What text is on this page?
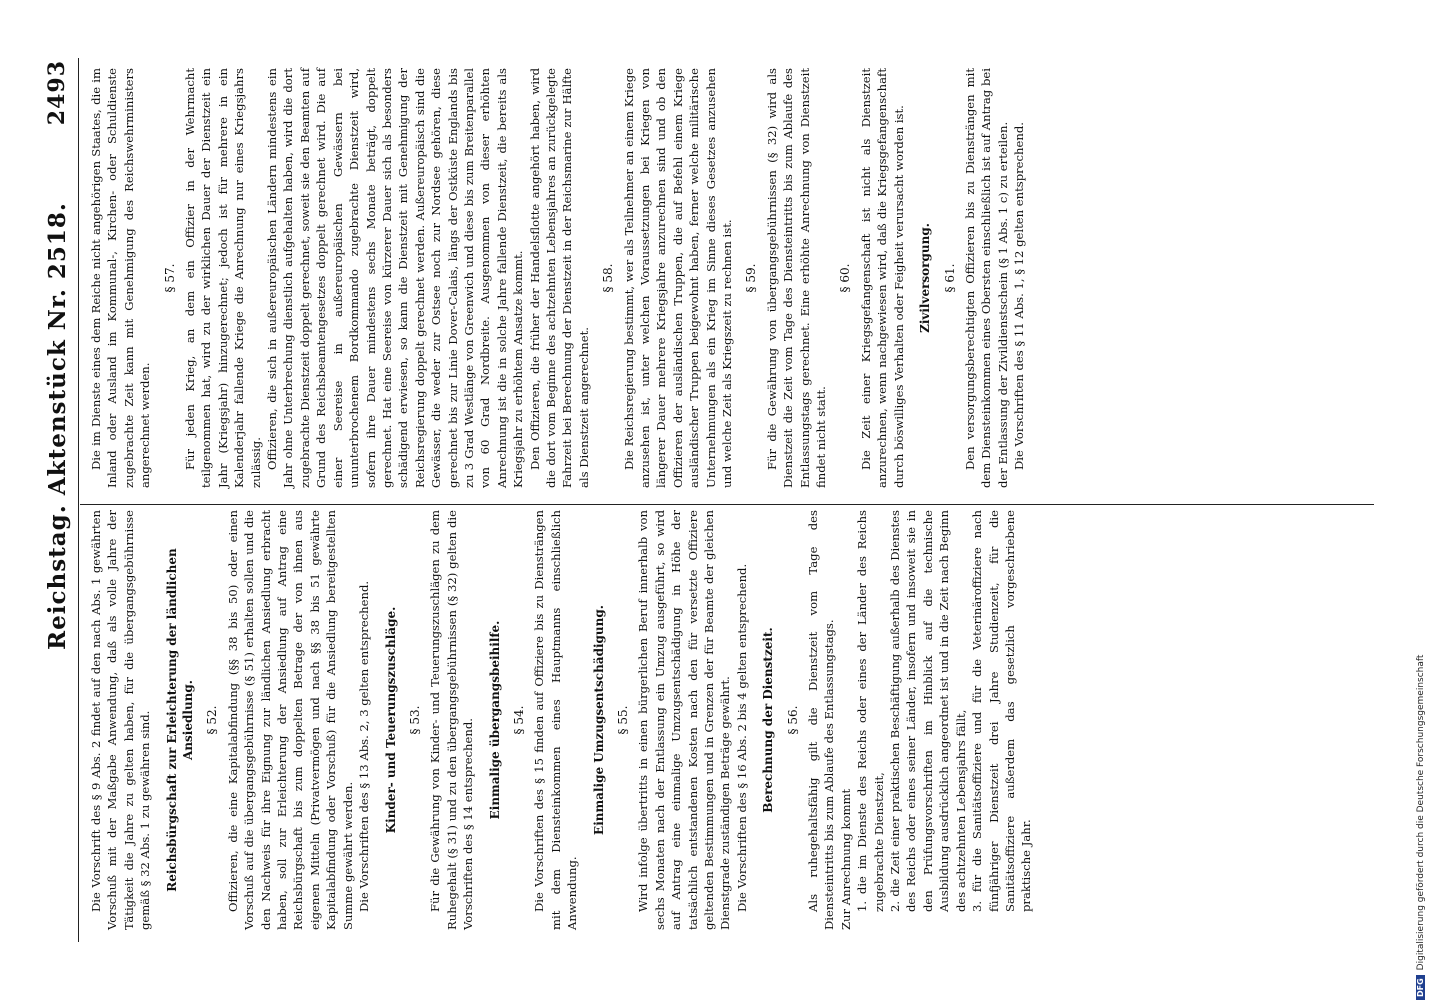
Reichstag. Aktenstück Nr. 2518.
2493
Die Vorschrift des § 9 Abs. 2 findet auf den nach Abs. 1 gewährten Vorschuß mit der Maßgabe Anwendung, daß als volle Jahre der Tätigkeit die Jahre zu gelten haben, für die übergangsgebührnisse gemäß § 32 Abs. 1 zu gewähren sind. Reichsbürgschaft zur Erleichterung der ländlichen Ansiedlung. § 52. Offizieren, die eine Kapitalabfindung (§§ 38 bis 50) oder einen Vorschuß auf die übergangsgebührnisse (§ 51) erhalten sollen und die den Nachweis für ihre Eignung zur ländlichen Ansiedlung erbracht haben, soll zur Erleichterung der Ansiedlung auf Antrag eine Reichsbürgschaft bis zum doppelten Betrage der von ihnen aus eigenen Mitteln (Privatvermögen und nach §§ 38 bis 51 gewährte Kapitalabfindung oder Vorschuß) für die Ansiedlung bereitgestellten Summe gewährt werden. Die Vorschriften des § 13 Abs. 2, 3 gelten entsprechend. Kinder- und Teuerungszuschläge. § 53. Für die Gewährung von Kinder- und Teuerungszuschlägen zu dem Ruhegehalt (§ 31) und zu den übergangsgebührnissen (§ 32) gelten die Vorschriften des § 14 entsprechend. Einmalige übergangsbeihilfe. § 54. Die Vorschriften des § 15 finden auf Offiziere bis zu Diensträngen mit dem Diensteinkommen eines Hauptmanns einschließlich Anwendung.
Einmalige Umzugsentschädigung. § 55. Wird infolge übertritts in einen bürgerlichen Beruf innerhalb von sechs Monaten nach der Entlassung ein Umzug ausgeführt, so wird auf Antrag eine einmalige Umzugsentschädigung in Höhe der tatsächlich entstandenen Kosten nach den für versetzte Offiziere geltenden Bestimmungen und in Grenzen der für Beamte der gleichen Dienstgrade zuständigen Beträge gewährt. Die Vorschriften des § 16 Abs. 2 bis 4 gelten entsprechend. Berechnung der Dienstzeit. § 56. Als ruhegehaltsfähig gilt die Dienstzeit vom Tage des Diensteintritts bis zum Ablaufe des Entlassungstags. Zur Anrechnung kommt 1. die im Dienste des Reichs oder eines der Länder des Reichs zugebrachte Dienstzeit, 2. die Zeit einer praktischen Beschäftigung außerhalb des Dienstes des Reichs oder eines seiner Länder, insofern und insoweit sie in den Prüfungsvorschriften im Hinblick auf die technische Ausbildung ausdrücklich angeordnet ist und in die Zeit nach Beginn des achtzehnten Lebensjahrs fällt, 3. für die Sanitätsoffiziere und für die Veterinäroffiziere nach fünfjähriger Dienstzeit drei Jahre Studienzeit, für die Sanitätsoffiziere außerdem das gesetzlich vorgeschriebene praktische Jahr.
Die im Dienste eines dem Reiche nicht angehörigen Staates, die im Inland oder Ausland im Kommunal-, Kirchen- oder Schuldienste zugebrachte Zeit kann mit Genehmigung des Reichswehrministers angerechnet werden.
§ 57. Für jeden Krieg, an dem ein Offizier in der Wehrmacht teilgenommen hat, wird zu der wirklichen Dauer der Dienstzeit ein Jahr (Kriegsjahr) hinzugerechnet; jedoch ist für mehrere in ein Kalenderjahr fallende Kriege die Anrechnung nur eines Kriegsjahrs zulässig. Offizieren, die sich in außereuropäischen Ländern mindestens ein Jahr ohne Unterbrechung dienstlich aufgehalten haben, wird die dort zugebrachte Dienstzeit doppelt gerechnet, soweit sie den Beamten auf Grund des Reichsbeamtengesetzes doppelt gerechnet wird. Die auf einer Seereise in außereuropäischen Gewässern bei ununterbrochenem Bordkommando zugebrachte Dienstzeit wird, sofern ihre Dauer mindestens sechs Monate beträgt, doppelt gerechnet. Hat eine Seereise von kürzerer Dauer sich als besonders schädigend erwiesen, so kann die Dienstzeit mit Genehmigung der Reichsregierung doppelt gerechnet werden. Außereuropäisch sind die Gewässer, die weder zur Ostsee noch zur Nordsee gehören, diese gerechnet bis zur Linie Dover-Calais, längs der Ostküste Englands bis zu 3 Grad Westlänge von Greenwich und diese bis zum Breitenparallel von 60 Grad Nordbreite. Ausgenommen von dieser erhöhten Anrechnung ist die in solche Jahre fallende Dienstzeit, die bereits als Kriegsjahr zu erhöhtem Ansatze kommt. Den Offizieren, die früher der Handelsflotte angehört haben, wird die dort vom Beginne des achtzehnten Lebensjahres an zurückgelegte Fahrzeit bei Berechnung der Dienstzeit in der Reichsmarine zur Hälfte als Dienstzeit angerechnet.
§ 58. Die Reichsregierung bestimmt, wer als Teilnehmer an einem Kriege anzusehen ist, unter welchen Voraussetzungen bei Kriegen von längerer Dauer mehrere Kriegsjahre anzurechnen sind und ob den Offizieren der ausländischen Truppen, die auf Befehl einem Kriege ausländischer Truppen beigewohnt haben, ferner welche militärische Unternehmungen als ein Krieg im Sinne dieses Gesetzes anzusehen und welche Zeit als Kriegszeit zu rechnen ist. § 59. Für die Gewährung von übergangsgebührnissen (§ 32) wird als Dienstzeit die Zeit vom Tage des Diensteintritts bis zum Ablaufe des Entlassungstags gerechnet. Eine erhöhte Anrechnung von Dienstzeit findet nicht statt.
§ 60. Die Zeit einer Kriegsgefangenschaft ist nicht als Dienstzeit anzurechnen, wenn nachgewiesen wird, daß die Kriegsgefangenschaft durch böswilliges Verhalten oder Feigheit verursacht worden ist. Zivilversorgung. § 61. Den versorgungsberechtigten Offizieren bis zu Diensträngen mit dem Diensteinkommen eines Obersten einschließlich ist auf Antrag bei der Entlassung der Zivildienstschein (§ 1 Abs. 1 c) zu erteilen. Die Vorschriften des § 11 Abs. 1, § 12 gelten entsprechend.
DFGDigitalisierung gefördert durch die Deutsche Forschungsgemeinschaft
